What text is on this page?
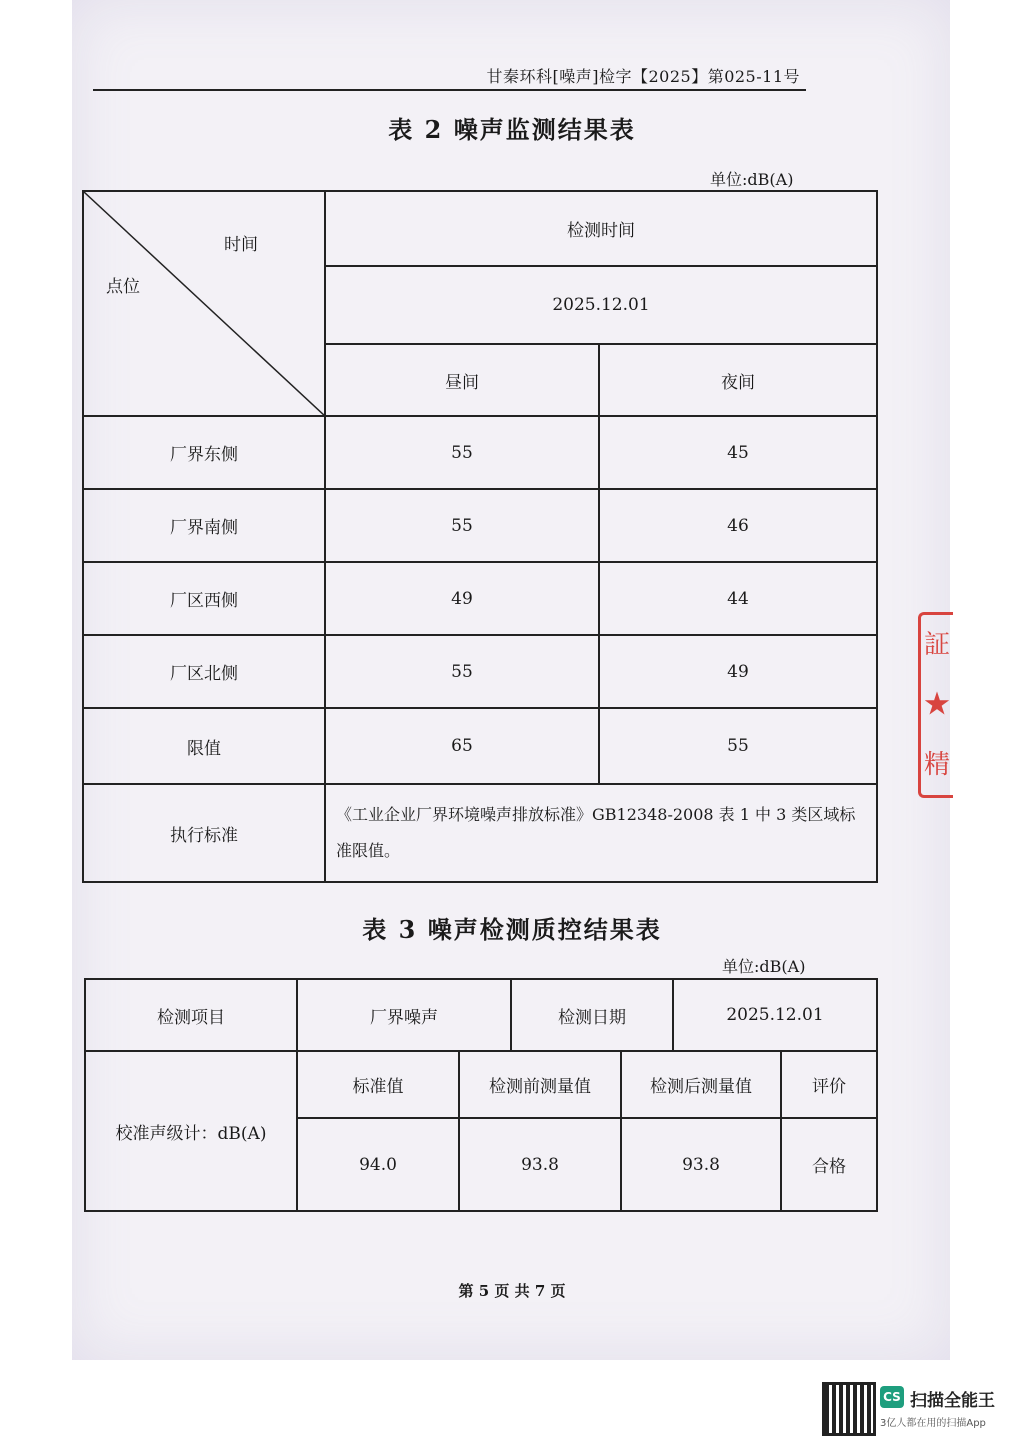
甘秦环科[噪声]检字【2025】第025-11号
表 2 噪声监测结果表
单位:dB(A)
时间
点位	检测时间	
	2025.12.01	
	昼间	夜间
厂界东侧	55	45
厂界南侧	55	46
厂区西侧	49	44
厂区北侧	55	49
限值	65	55
执行标准	《工业企业厂界环境噪声排放标准》GB12348-2008 表 1 中 3 类区域标准限值。	
表 3 噪声检测质控结果表
单位:dB(A)
检测项目	厂界噪声		检测日期		2025.12.01	
校准声级计：dB(A)	标准值	检测前测量值		检测后测量值		评价
	94.0	93.8		93.8		合格
第 5 页 共 7 页
証 ★ 精
CS 扫描全能王
3亿人都在用的扫描App
